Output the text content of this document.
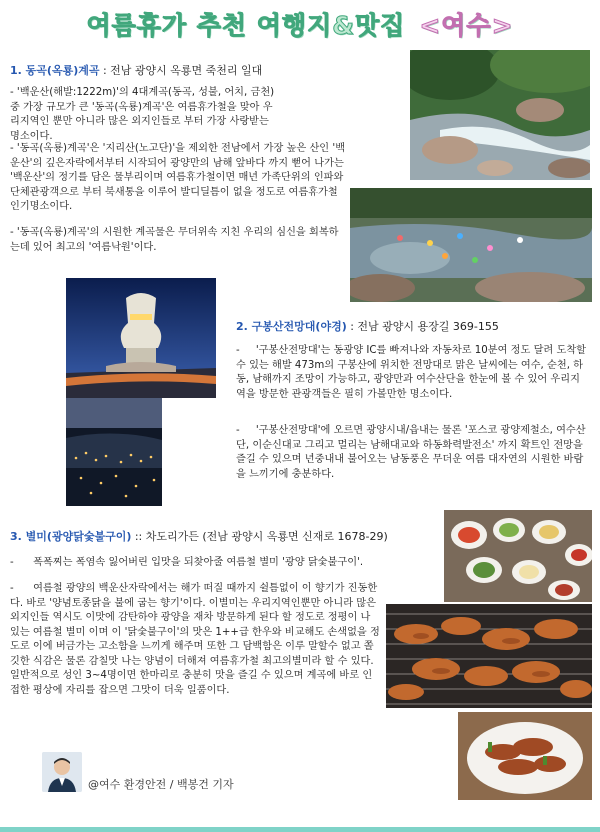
여름휴가 추천 여행지&맛집 <여수>
1. 동곡(옥룡)계곡 : 전남 광양시 옥룡면 죽천리 일대
- '백운산(해발:1222m)'의 4대계곡(동곡, 성불, 어치, 금천) 중 가장 규모가 큰 '동곡(옥룡)계곡'은 여름휴가철을 맞아 우리지역인 뿐만 아니라 많은 외지인들로 부터 가장 사랑받는 명소이다.
- '동곡(옥룡)계곡'은 '지리산(노고단)'을 제외한 전남에서 가장 높은 산인 '백운산'의 깊은자락에서부터 시작되어 광양만의 남해 앞바다 까지 뻗어 나가는 '백운산'의 정기를 담은 물부리이며 여름휴가철이면 매년 가족단위의 인파와 단체관광객으로 부터 북새통을 이루어 발디딜틈이 없을 정도로 여름휴가철 인기명소이다.
- '동곡(옥룡)계곡'의 시원한 계곡물은 무더위속 지친 우리의 심신을 회복하는데 있어 최고의 '여름낙원'이다.
2. 구봉산전망대(야경) : 전남 광양시 용장길 369-155
-     '구봉산전망대'는 동광양 IC를 빠져나와 자동차로 10분여 정도 달려 도착할 수 있는 해발 473m의 구봉산에 위치한 전망대로 맑은 날씨에는 여수, 순천, 하동, 남해까지 조망이 가능하고, 광양만과 여수산단을 한눈에 볼 수 있어 우리지역을 방문한 관광객들은 필히 가볼만한 명소이다.
-     '구봉산전망대'에 오르면 광양시내/읍내는 물론 '포스코 광양제철소, 여수산단, 이순신대교 그리고 멀리는 남해대교와 하동화력발전소' 까지 확트인 전망을 즐길 수 있으며 년중내내 불어오는 남동풍은 무더운 여름 대자연의 시원한 바람을 느끼기에 충분하다.
3. 별미(광양닭숯불구이) :: 차도리가든 (전남 광양시 옥룡면 신재로 1678-29)
-      폭폭찌는 폭염속 잃어버린 입맛을 되찾아줄 여름철 별미 '광양 닭숯불구이'.
-      여름철 광양의 백운산자락에서는 해가 떠질 때까지 쉴틈없이 이 향기가 진동한다. 바로 '양념토종닭을 불에 굽는 향기'이다. 이별미는 우리지역인뿐만 아니라 많은 외지인들 역시도 이맛에 감탄하야 광양을 재차 방문하게 된다 할 정도로 정평이 나 있는 여름철 별미 이며 이 '닭숯불구이'의 맛은 1++급 한우와 비교해도 손색없을 정도로 이에 버금가는 고소함을 느끼게 해주며 또한 그 담백함은 이루 말할수 없고 쫄깃한 식감은 물론 감칠맛 나는 양념이 더해져 여름휴가철 최고의별미라 할 수 있다. 일반적으로 성인 3~4명이면 한마리로 충분히 맛을 즐길 수 있으며 계곡에 바로 인접한 평상에 자리를 잡으면 그맛이 더욱 일품이다.
@여수 환경안전 / 백봉건 기자
